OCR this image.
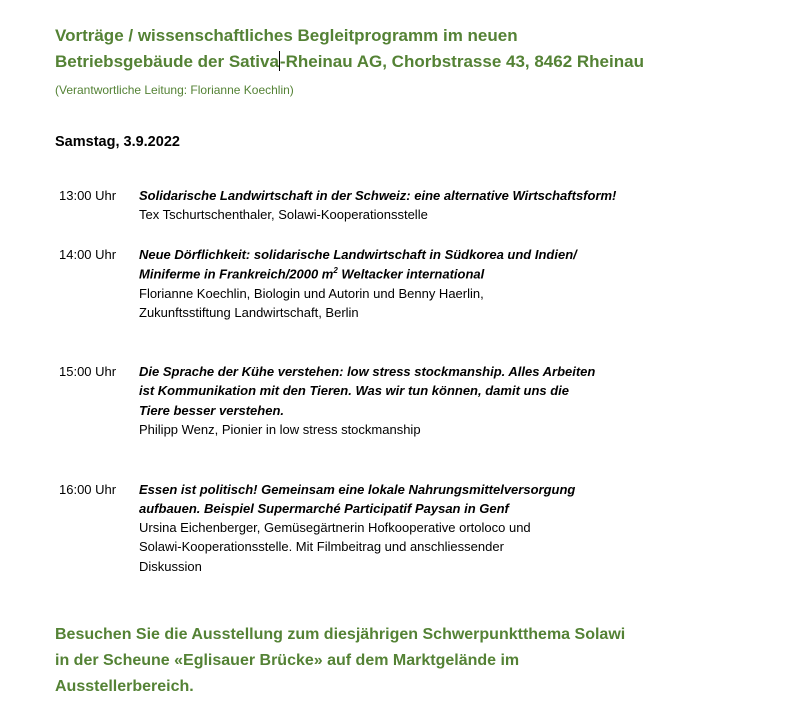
Vorträge / wissenschaftliches Begleitprogramm im neuen
Betriebsgebäude der Sativa-Rheinau AG, Chorbstrasse 43, 8462 Rheinau
(Verantwortliche Leitung: Florianne Koechlin)
Samstag, 3.9.2022
13:00 Uhr Solidarische Landwirtschaft in der Schweiz: eine alternative Wirtschaftsform!
Tex Tschurtschenthaler, Solawi-Kooperationsstelle
14:00 Uhr Neue Dörflichkeit: solidarische Landwirtschaft in Südkorea und Indien/
Miniferme in Frankreich/2000 $m^2$ Weltacker international
Florianne Koechlin, Biologin und Autorin und Benny Haerlin,
Zukunftsstiftung Landwirtschaft, Berlin
15:00 Uhr Die Sprache der Kühe verstehen: low stress stockmanship. Alles Arbeiten
ist Kommunikation mit den Tieren. Was wir tun können, damit uns die
Tiere besser verstehen.
Philipp Wenz, Pionier in low stress stockmanship
16:00 Uhr Essen ist politisch! Gemeinsam eine lokale Nahrungsmittelversorgung
aufbauen. Beispiel Supermarché Participatif Paysan in Genf
Ursina Eichenberger, Gemüsegärtnerin Hofkooperative ortoloco und
Solawi-Kooperationsstelle. Mit Filmbeitrag und anschliessender
Diskussion
Besuchen Sie die Ausstellung zum diesjährigen Schwerpunktthema Solawi
in der Scheune «Eglisauer Brücke» auf dem Marktgelände im
Ausstellerbereich.
